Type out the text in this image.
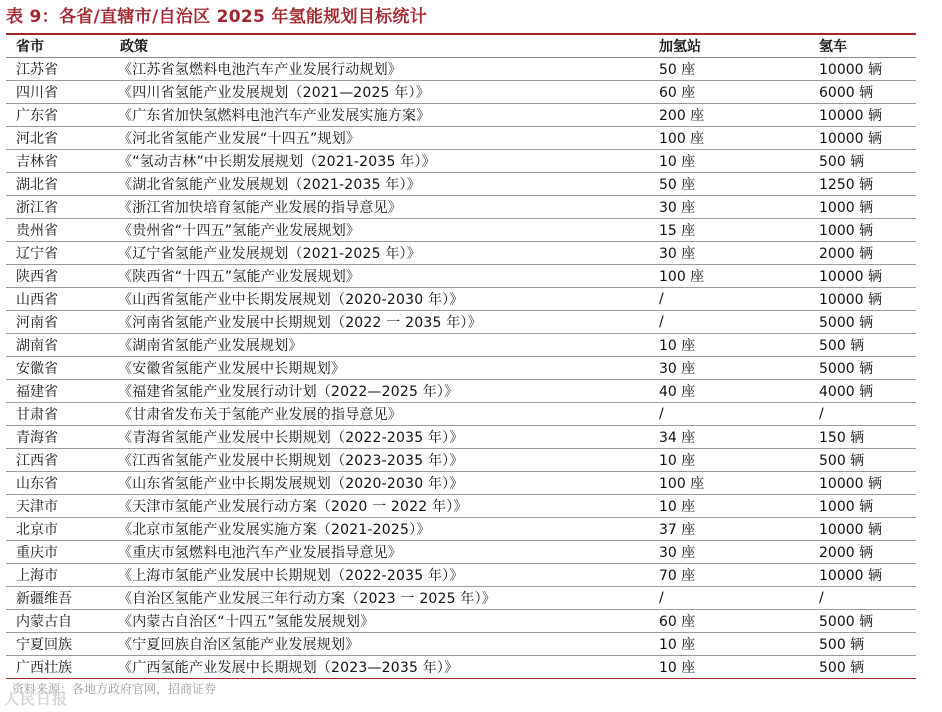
表 9：各省/直辖市/自治区 2025 年氢能规划目标统计
省市	政策	加氢站	氢车
江苏省	《江苏省氢燃料电池汽车产业发展行动规划》	50 座	10000 辆
四川省	《四川省氢能产业发展规划（2021—2025 年）》	60 座	6000 辆
广东省	《广东省加快氢燃料电池汽车产业发展实施方案》	200 座	10000 辆
河北省	《河北省氢能产业发展“十四五”规划》	100 座	10000 辆
吉林省	《“氢动吉林”中长期发展规划（2021-2035 年）》	10 座	500 辆
湖北省	《湖北省氢能产业发展规划（2021-2035 年）》	50 座	1250 辆
浙江省	《浙江省加快培育氢能产业发展的指导意见》	30 座	1000 辆
贵州省	《贵州省“十四五”氢能产业发展规划》	15 座	1000 辆
辽宁省	《辽宁省氢能产业发展规划（2021-2025 年）》	30 座	2000 辆
陕西省	《陕西省“十四五”氢能产业发展规划》	100 座	10000 辆
山西省	《山西省氢能产业中长期发展规划（2020-2030 年）》	/	10000 辆
河南省	《河南省氢能产业发展中长期规划（2022 一 2035 年）》	/	5000 辆
湖南省	《湖南省氢能产业发展规划》	10 座	500 辆
安徽省	《安徽省氢能产业发展中长期规划》	30 座	5000 辆
福建省	《福建省氢能产业发展行动计划（2022—2025 年）》	40 座	4000 辆
甘肃省	《甘肃省发布关于氢能产业发展的指导意见》	/	/
青海省	《青海省氢能产业发展中长期规划（2022-2035 年）》	34 座	150 辆
江西省	《江西省氢能产业发展中长期规划（2023-2035 年）》	10 座	500 辆
山东省	《山东省氢能产业中长期发展规划（2020-2030 年）》	100 座	10000 辆
天津市	《天津市氢能产业发展行动方案（2020 一 2022 年）》	10 座	1000 辆
北京市	《北京市氢能产业发展实施方案（2021-2025）》	37 座	10000 辆
重庆市	《重庆市氢燃料电池汽车产业发展指导意见》	30 座	2000 辆
上海市	《上海市氢能产业发展中长期规划（2022-2035 年）》	70 座	10000 辆
新疆维吾	《自治区氢能产业发展三年行动方案（2023 一 2025 年）》	/	/
内蒙古自	《内蒙古自治区“十四五”氢能发展规划》	60 座	5000 辆
宁夏回族	《宁夏回族自治区氢能产业发展规划》	10 座	500 辆
广西壮族	《广西氢能产业发展中长期规划（2023—2035 年）》	10 座	500 辆
资料来源：各地方政府官网，招商证券
人民日报
